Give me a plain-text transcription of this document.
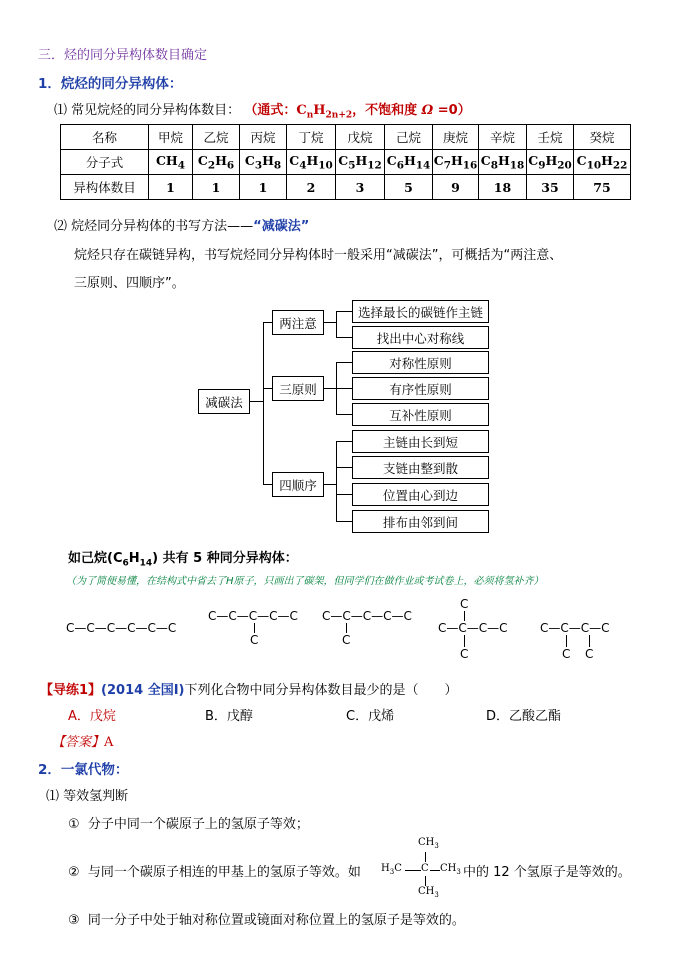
三．烃的同分异构体数目确定
1．烷烃的同分异构体：
⑴ 常见烷烃的同分异构体数目： （通式：$C_nH_{2n+2}$，不饱和度 Ω =0）
名称	甲烷	乙烷	丙烷	丁烷	戊烷	己烷	庚烷	辛烷	壬烷	癸烷
分子式	$CH_4$	$C_2H_6$	$C_3H_8$	$C_4H_{10}$	$C_5H_{12}$	$C_6H_{14}$	$C_7H_{16}$	$C_8H_{18}$	$C_9H_{20}$	$C_{10}H_{22}$
异构体数目	1	1	1	2	3	5	9	18	35	75
⑵ 烷烃同分异构体的书写方法——“减碳法”
烷烃只存在碳链异构，书写烷烃同分异构体时一般采用“减碳法”，可概括为“两注意、
三原则、四顺序”。
减碳法
两注意
三原则
四顺序
选择最长的碳链作主链
找出中心对称线
对称性原则
有序性原则
互补性原则
主链由长到短
支链由整到散
位置由心到边
排布由邻到间
如己烷$(C_6H_{14})$ 共有 5 种同分异构体：
（为了简便易懂，在结构式中省去了H原子，只画出了碳架，但同学们在做作业或考试卷上，必须将氢补齐）
C—C—C—C—C—C
C—C—C—C—C
C
C—C—C—C—C
C
C
C—C—C—C
C
C—C—C—C
C C
【导练1】(2014 全国Ⅰ)下列化合物中同分异构体数目最少的是（　　）
A．戊烷	B．戊醇	C．戊烯	D．乙酸乙酯
【答案】A
2．一氯代物：
⑴ 等效氢判断
① 分子中同一个碳原子上的氢原子等效；
② 与同一个碳原子相连的甲基上的氢原子等效。如
$CH_3$
$H_3C$ C $CH_3$
$CH_3$
中的 12 个氢原子是等效的。
③ 同一分子中处于轴对称位置或镜面对称位置上的氢原子是等效的。
